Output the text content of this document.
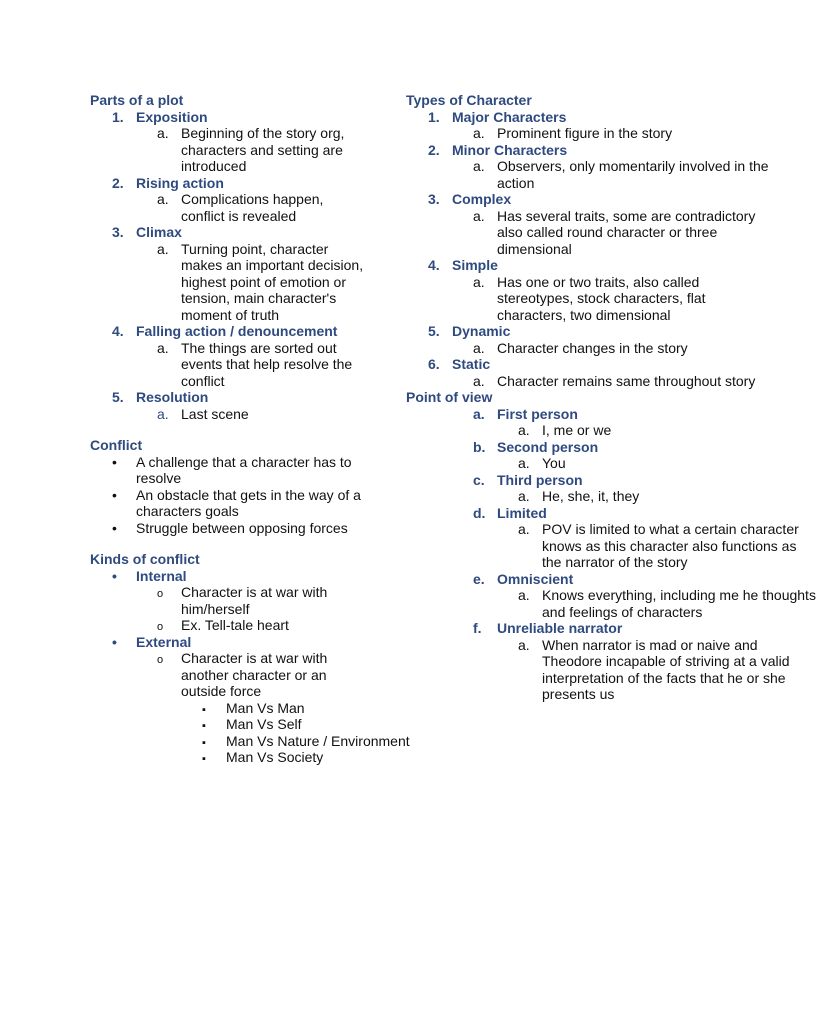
Parts of a plot

1. Exposition
a. Beginning of the story org, characters and setting are introduced
2. Rising action
a. Complications happen, conflict is revealed
3. Climax
a. Turning point, character makes an important decision, highest point of emotion or tension, main character's moment of truth
4. Falling action / denouncement
a. The things are sorted out events that help resolve the conflict
5. Resolution
a. Last scene

Conflict

•
A challenge that a character has to resolve
•
An obstacle that gets in the way of a characters goals
•
Struggle between opposing forces

Kinds of conflict

•
Internal
o
Character is at war with him/herself
o
Ex. Tell-tale heart
•
External
o
Character is at war with another character or an outside force
▪
Man Vs Man
▪
Man Vs Self
▪
Man Vs Nature / Environment
▪
Man Vs Society

Types of Character

1. Major Characters
a. Prominent figure in the story
2. Minor Characters
a. Observers, only momentarily involved in the action
3. Complex
a. Has several traits, some are contradictory also called round character or three dimensional
4. Simple
a. Has one or two traits, also called stereotypes, stock characters, flat characters, two dimensional
5. Dynamic
a. Character changes in the story
6. Static
a. Character remains same throughout story

Point of view

a. First person
a. I, me or we
b. Second person
a. You
c. Third person
a. He, she, it, they
d. Limited
a. POV is limited to what a certain character knows as this character also functions as the narrator of the story
e. Omniscient
a. Knows everything, including me he thoughts and feelings of characters
f. Unreliable narrator
a. When narrator is mad or naive and Theodore incapable of striving at a valid interpretation of the facts that he or she presents us
